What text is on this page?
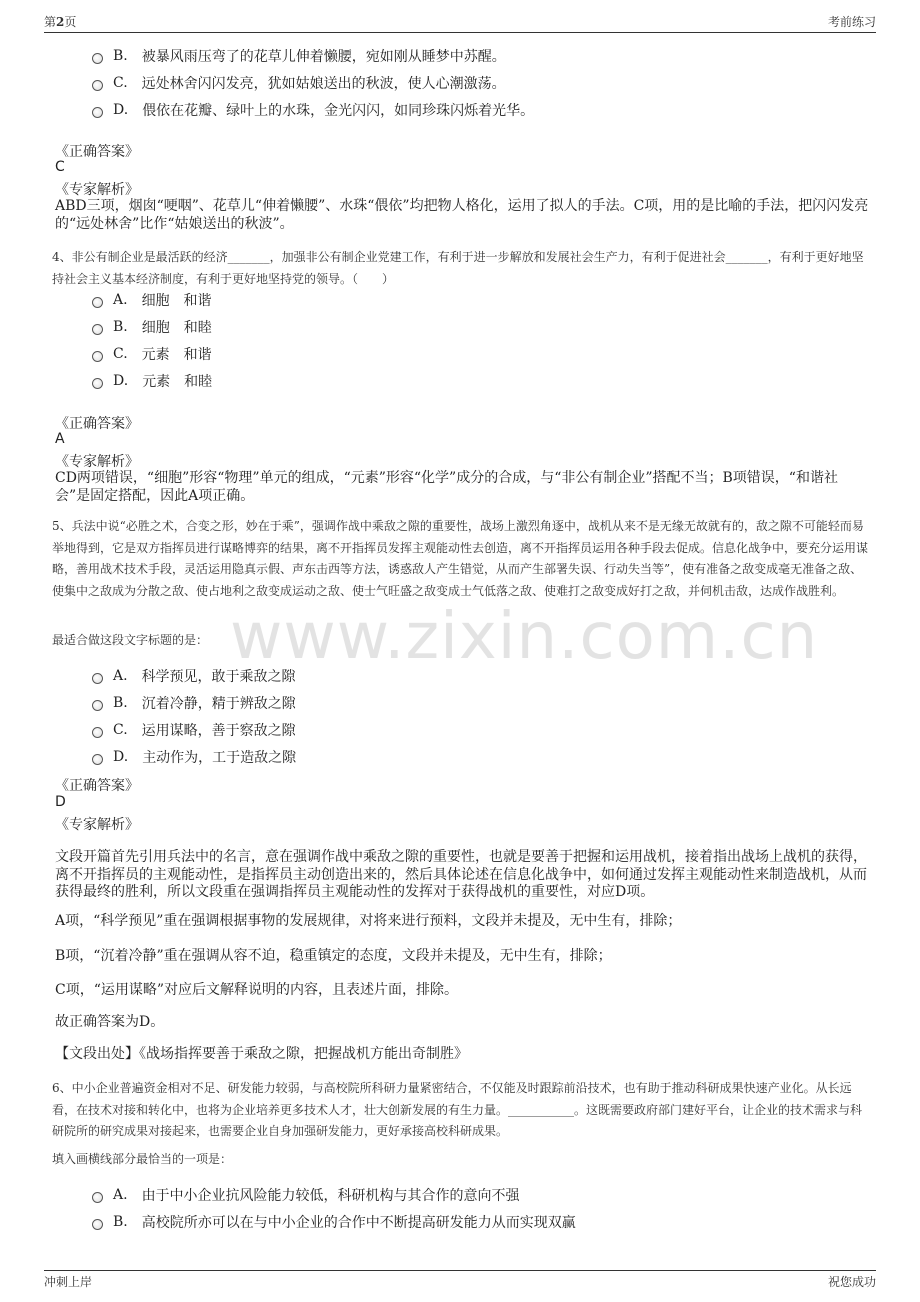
第2页	考前练习
www.zixin.com.cn
B. 被暴风雨压弯了的花草儿伸着懒腰，宛如刚从睡梦中苏醒。
C. 远处林舍闪闪发亮，犹如姑娘送出的秋波，使人心潮激荡。
D. 偎依在花瓣、绿叶上的水珠，金光闪闪，如同珍珠闪烁着光华。
《正确答案》
C
《专家解析》
ABD三项，烟囱“哽咽”、花草儿“伸着懒腰”、水珠“偎依”均把物人格化，运用了拟人的手法。C项，用的是比喻的手法，把闪闪发亮的“远处林舍”比作“姑娘送出的秋波”。
4、非公有制企业是最活跃的经济_______，加强非公有制企业党建工作，有利于进一步解放和发展社会生产力，有利于促进社会_______，有利于更好地坚持社会主义基本经济制度，有利于更好地坚持党的领导。（　　）
A. 细胞　和谐
B. 细胞　和睦
C. 元素　和谐
D. 元素　和睦
《正确答案》
A
《专家解析》
CD两项错误，“细胞”形容“物理”单元的组成，“元素”形容“化学”成分的合成，与“非公有制企业”搭配不当；B项错误，“和谐社会”是固定搭配，因此A项正确。
5、兵法中说“必胜之术，合变之形，妙在于乘”，强调作战中乘敌之隙的重要性，战场上激烈角逐中，战机从来不是无缘无故就有的，敌之隙不可能轻而易举地得到，它是双方指挥员进行谋略博弈的结果，离不开指挥员发挥主观能动性去创造，离不开指挥员运用各种手段去促成。信息化战争中，要充分运用谋略，善用战术技术手段，灵活运用隐真示假、声东击西等方法，诱惑敌人产生错觉，从而产生部署失误、行动失当等”，使有准备之敌变成毫无准备之敌、使集中之敌成为分散之敌、使占地利之敌变成运动之敌、使士气旺盛之敌变成士气低落之敌、使难打之敌变成好打之敌，并伺机击敌，达成作战胜利。
最适合做这段文字标题的是：
A. 科学预见，敢于乘敌之隙
B. 沉着冷静，精于辨敌之隙
C. 运用谋略，善于察敌之隙
D. 主动作为，工于造敌之隙
《正确答案》
D
《专家解析》
文段开篇首先引用兵法中的名言，意在强调作战中乘敌之隙的重要性，也就是要善于把握和运用战机，接着指出战场上战机的获得，离不开指挥员的主观能动性，是指挥员主动创造出来的，然后具体论述在信息化战争中，如何通过发挥主观能动性来制造战机，从而获得最终的胜利，所以文段重在强调指挥员主观能动性的发挥对于获得战机的重要性，对应D项。
A项，“科学预见”重在强调根据事物的发展规律，对将来进行预料，文段并未提及，无中生有，排除；
B项，“沉着冷静”重在强调从容不迫，稳重镇定的态度，文段并未提及，无中生有，排除；
C项，“运用谋略”对应后文解释说明的内容，且表述片面，排除。
故正确答案为D。
【文段出处】《战场指挥要善于乘敌之隙，把握战机方能出奇制胜》
6、中小企业普遍资金相对不足、研发能力较弱，与高校院所科研力量紧密结合，不仅能及时跟踪前沿技术，也有助于推动科研成果快速产业化。从长远看，在技术对接和转化中，也将为企业培养更多技术人才，壮大创新发展的有生力量。___________。这既需要政府部门建好平台，让企业的技术需求与科研院所的研究成果对接起来，也需要企业自身加强研发能力，更好承接高校科研成果。
填入画横线部分最恰当的一项是：
A. 由于中小企业抗风险能力较低，科研机构与其合作的意向不强
B. 高校院所亦可以在与中小企业的合作中不断提高研发能力从而实现双赢
冲刺上岸	祝您成功
